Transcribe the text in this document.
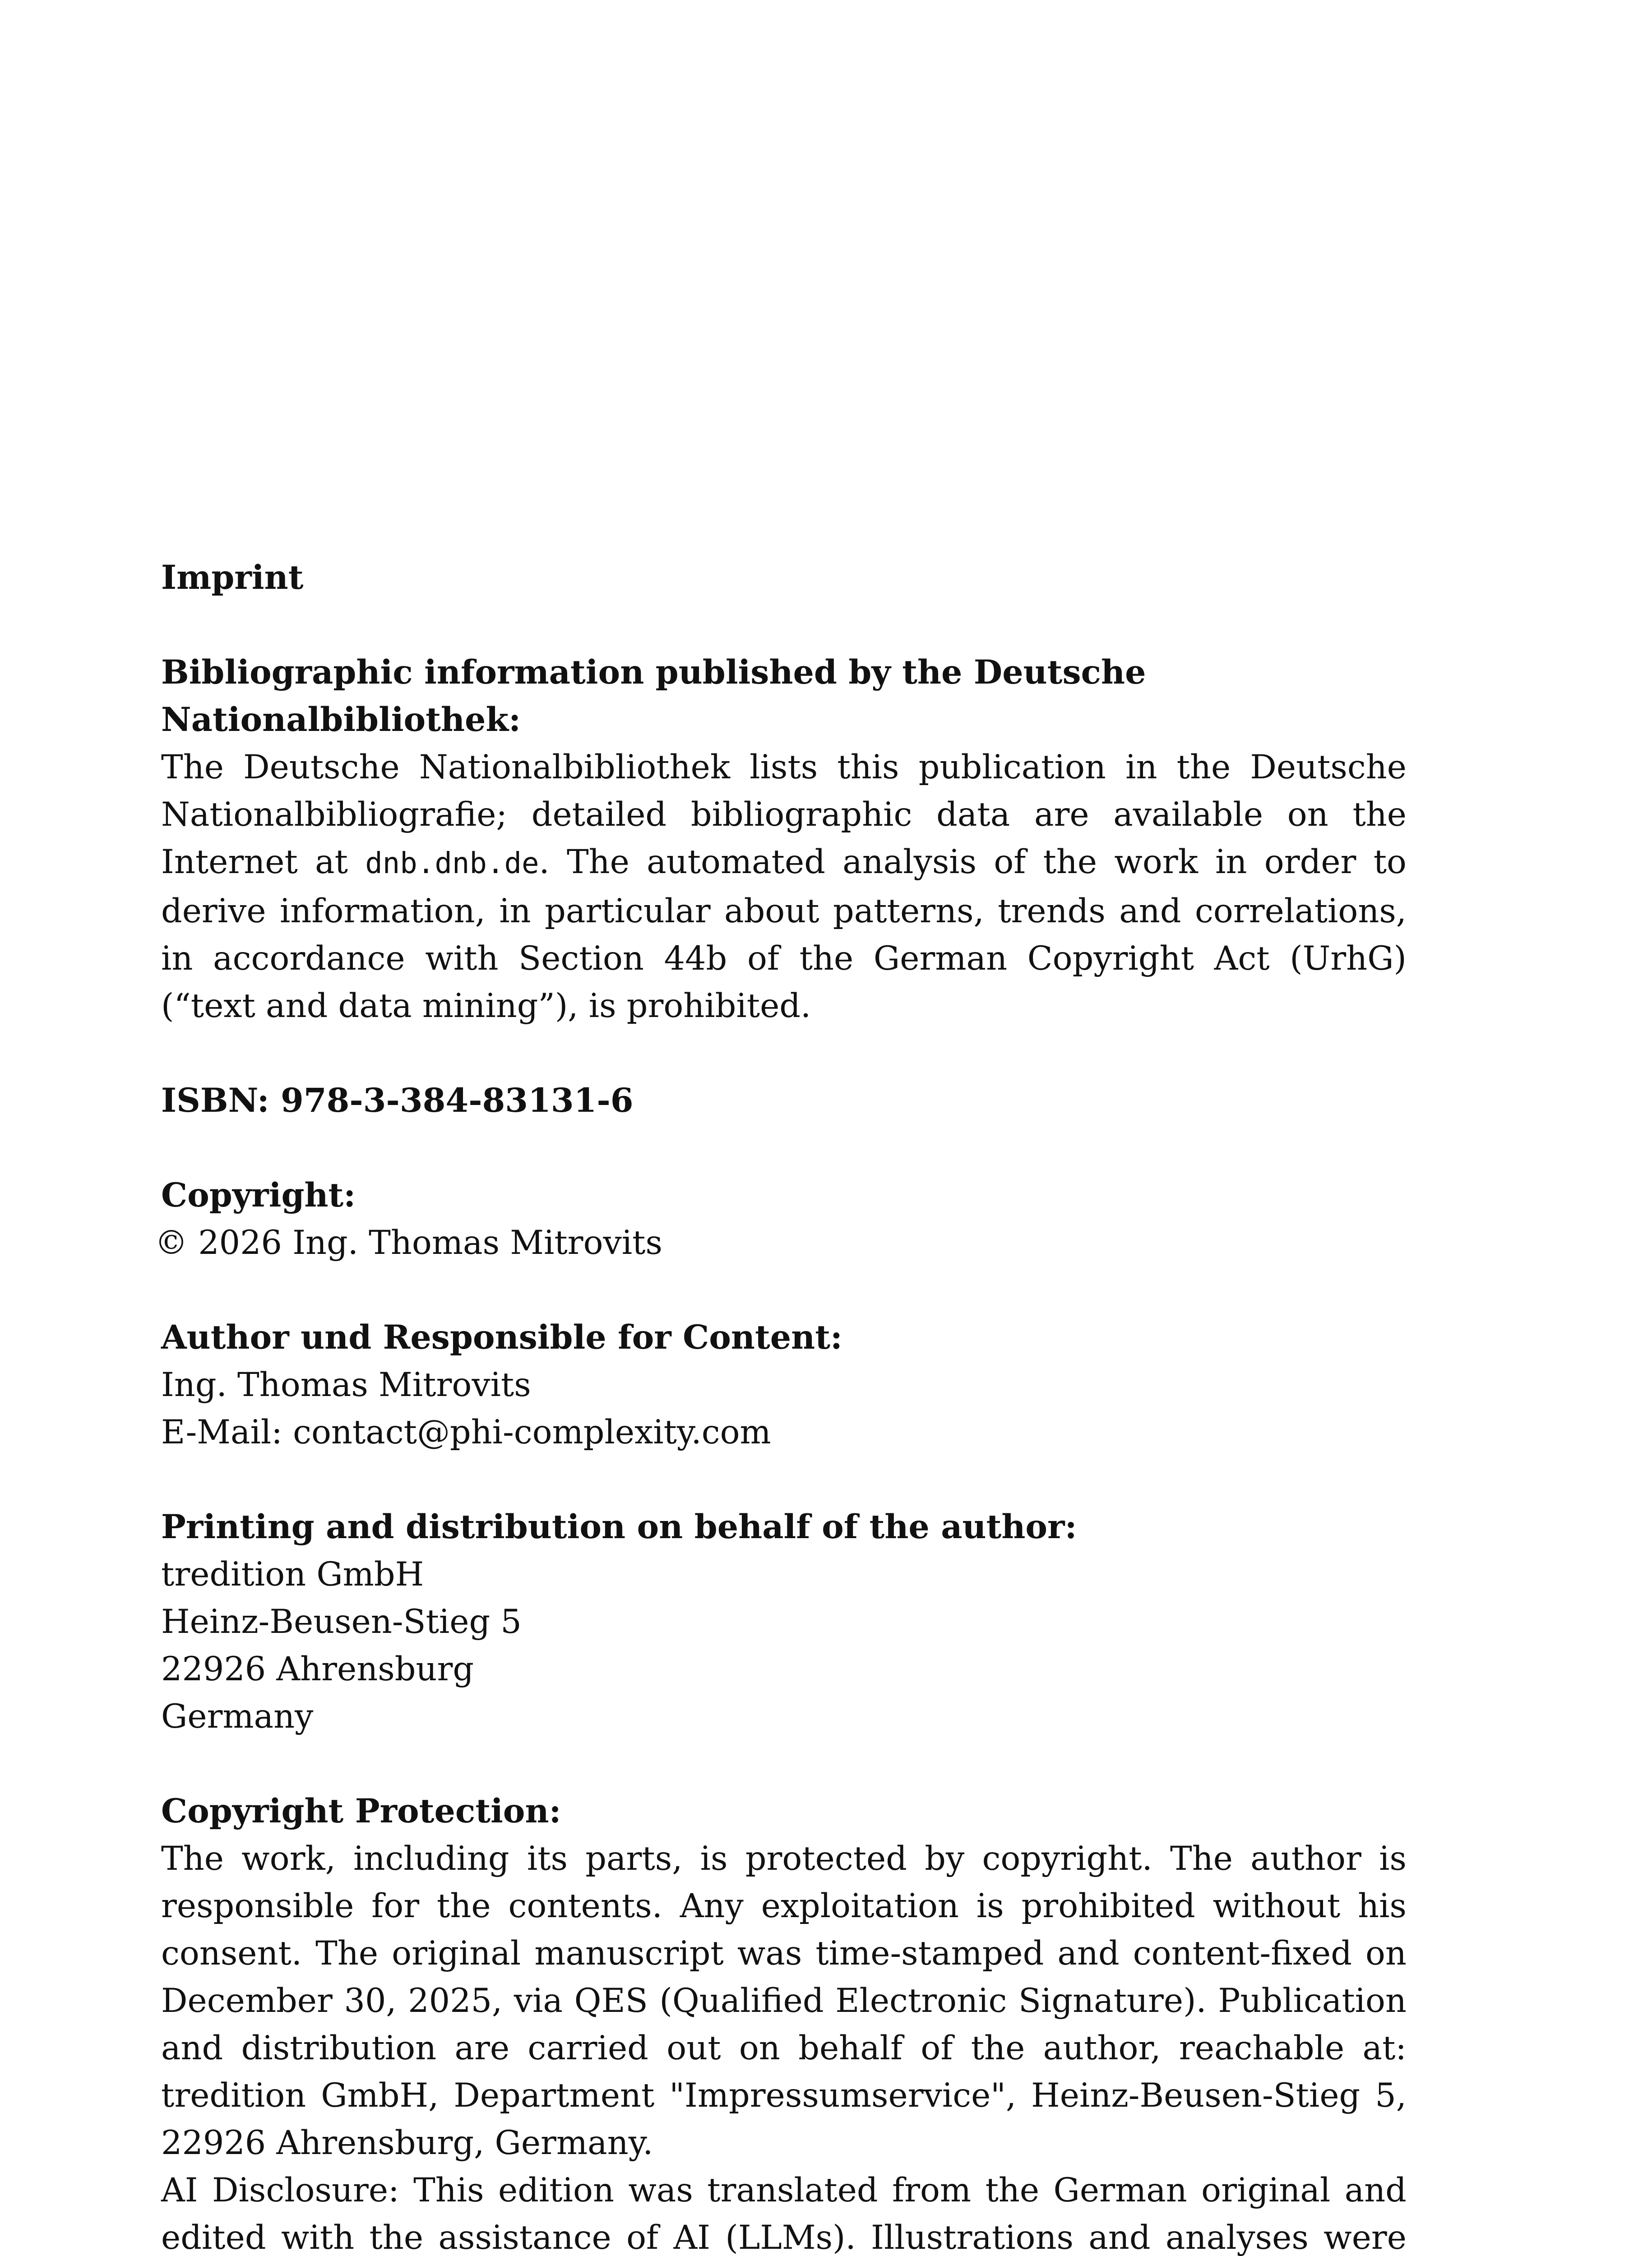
Imprint

Bibliographic information published by the Deutsche Nationalbibliothek:

The Deutsche Nationalbibliothek lists this publication in the Deutsche Nationalbibliografie; detailed bibliographic data are available on the Internet at dnb.dnb.de. The automated analysis of the work in order to derive information, in particular about patterns, trends and correlations, in accordance with Section 44b of the German Copyright Act (UrhG) (“text and data mining”), is prohibited.

ISBN: 978-3-384-83131-6

Copyright:

© 2026 Ing. Thomas Mitrovits

Author und Responsible for Content:

Ing. Thomas Mitrovits

E-Mail: contact@phi-complexity.com

Printing and distribution on behalf of the author:

tredition GmbH

Heinz-Beusen-Stieg 5

22926 Ahrensburg

Germany

Copyright Protection:

The work, including its parts, is protected by copyright. The author is responsible for the contents. Any exploitation is prohibited without his consent. The original manuscript was time-stamped and content-fixed on December 30, 2025, via QES (Qualified Electronic Signature). Publication and distribution are carried out on behalf of the author, reachable at: tredition GmbH, Department "Impressumservice", Heinz-Beusen-Stieg 5, 22926 Ahrensburg, Germany.

AI Disclosure: This edition was translated from the German original and edited with the assistance of AI (LLMs). Illustrations and analyses were
